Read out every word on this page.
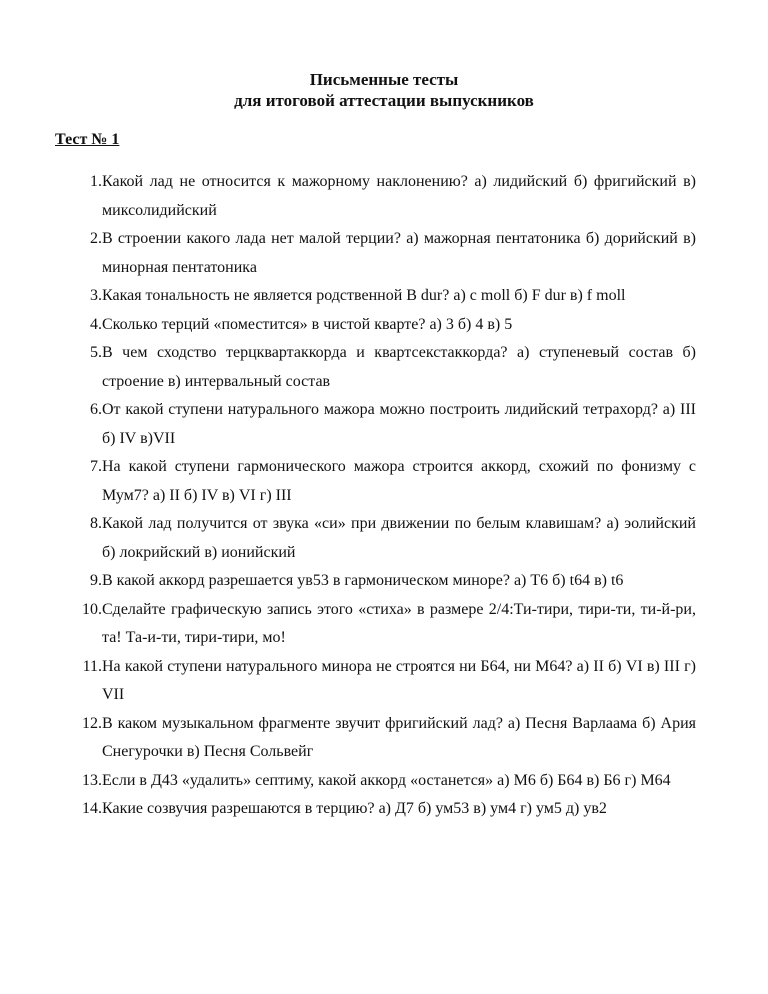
Письменные тесты
для итоговой аттестации выпускников
Тест № 1
1. Какой лад не относится к мажорному наклонению? а) лидийский б) фригийский в) миксолидийский
2. В строении какого лада нет малой терции? а) мажорная пентатоника б) дорийский в) минорная пентатоника
3. Какая тональность не является родственной B dur? а) с moll б) F dur в) f moll
4. Сколько терций «поместится» в чистой кварте? а) 3 б) 4 в) 5
5. В чем сходство терцквартаккорда и квартсекстаккорда? а) ступеневый состав б) строение в) интервальный состав
6. От какой ступени натурального мажора можно построить лидийский тетрахорд? а) III б) IV в)VII
7. На какой ступени гармонического мажора строится аккорд, схожий по фонизму с Мум7? а) II б) IV в) VI г) III
8. Какой лад получится от звука «си» при движении по белым клавишам? а) эолийский б) локрийский в) ионийский
9. В какой аккорд разрешается ув53 в гармоническом миноре? а) Т6 б) t64 в) t6
10. Сделайте графическую запись этого «стиха» в размере 2/4:Ти-тири, тири-ти, ти-й-ри, та! Та-и-ти, тири-тири, мо!
11. На какой ступени натурального минора не строятся ни Б64, ни М64? а) II б) VI в) III г) VII
12. В каком музыкальном фрагменте звучит фригийский лад? а) Песня Варлаама б) Ария Снегурочки в) Песня Сольвейг
13. Если в Д43 «удалить» септиму, какой аккорд «останется» а) М6 б) Б64 в) Б6 г) М64
14. Какие созвучия разрешаются в терцию? а) Д7 б) ум53 в) ум4 г) ум5 д) ув2
